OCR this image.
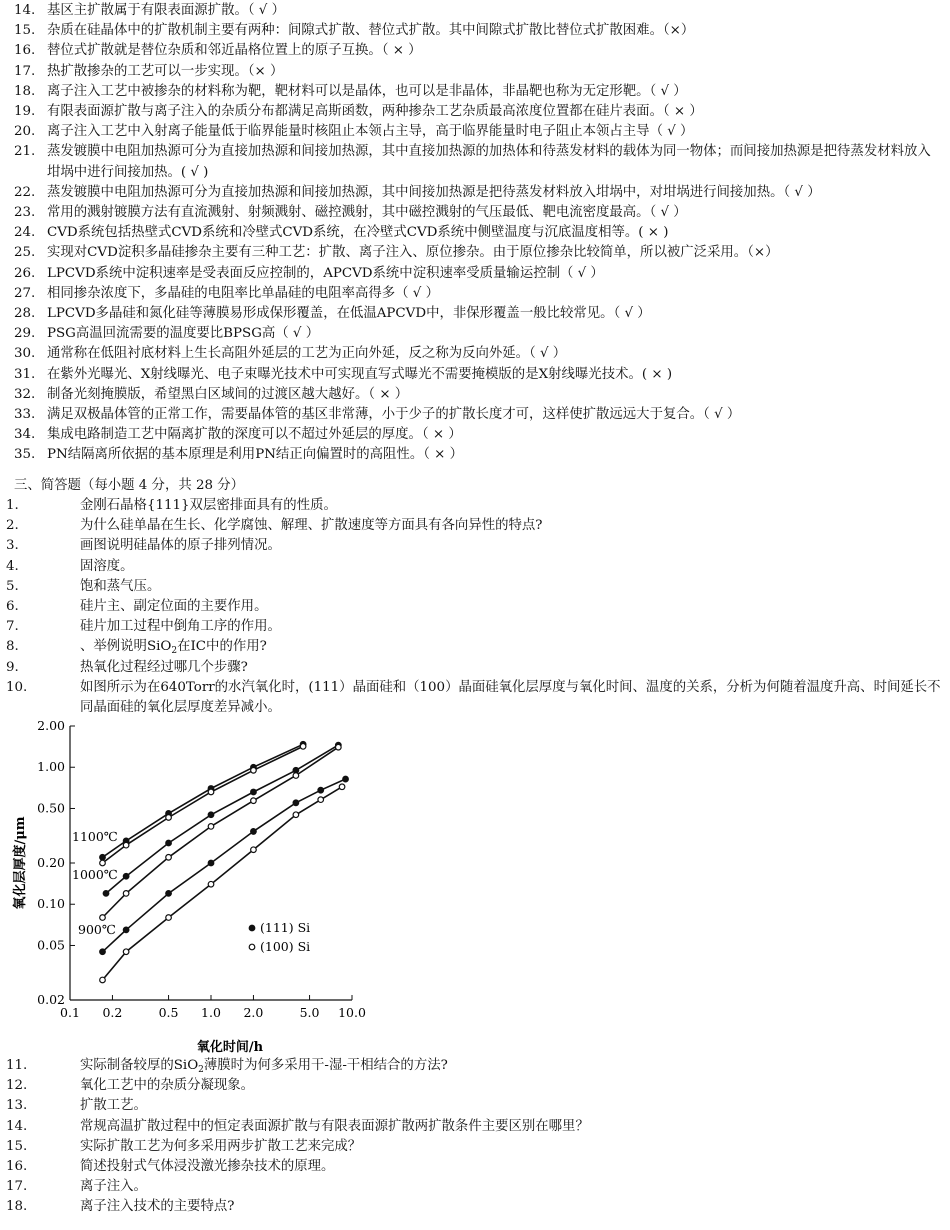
14. 基区主扩散属于有限表面源扩散。（ √ ）
15. 杂质在硅晶体中的扩散机制主要有两种：间隙式扩散、替位式扩散。其中间隙式扩散比替位式扩散困难。（×）
16. 替位式扩散就是替位杂质和邻近晶格位置上的原子互换。（ × ）
17. 热扩散掺杂的工艺可以一步实现。（× ）
18. 离子注入工艺中被掺杂的材料称为靶，靶材料可以是晶体，也可以是非晶体，非晶靶也称为无定形靶。（ √ ）
19. 有限表面源扩散与离子注入的杂质分布都满足高斯函数，两种掺杂工艺杂质最高浓度位置都在硅片表面。（ × ）
20. 离子注入工艺中入射离子能量低于临界能量时核阻止本领占主导，高于临界能量时电子阻止本领占主导（ √ ）
21. 蒸发镀膜中电阻加热源可分为直接加热源和间接加热源，其中直接加热源的加热体和待蒸发材料的载体为同一物体；而间接加热源是把待蒸发材料放入坩埚中进行间接加热。( √ )
22. 蒸发镀膜中电阻加热源可分为直接加热源和间接加热源，其中间接加热源是把待蒸发材料放入坩埚中，对坩埚进行间接加热。（ √ ）
23. 常用的溅射镀膜方法有直流溅射、射频溅射、磁控溅射，其中磁控溅射的气压最低、靶电流密度最高。（ √ ）
24. CVD系统包括热壁式CVD系统和冷壁式CVD系统，在冷壁式CVD系统中侧壁温度与沉底温度相等。( × )
25. 实现对CVD淀积多晶硅掺杂主要有三种工艺：扩散、离子注入、原位掺杂。由于原位掺杂比较简单，所以被广泛采用。（×）
26. LPCVD系统中淀积速率是受表面反应控制的，APCVD系统中淀积速率受质量输运控制（ √ ）
27. 相同掺杂浓度下，多晶硅的电阻率比单晶硅的电阻率高得多（ √ ）
28. LPCVD多晶硅和氮化硅等薄膜易形成保形覆盖，在低温APCVD中，非保形覆盖一般比较常见。（ √ ）
29. PSG高温回流需要的温度要比BPSG高（ √ ）
30. 通常称在低阻衬底材料上生长高阻外延层的工艺为正向外延，反之称为反向外延。（ √ ）
31. 在紫外光曝光、X射线曝光、电子束曝光技术中可实现直写式曝光不需要掩模版的是X射线曝光技术。( × )
32. 制备光刻掩膜版，希望黑白区域间的过渡区越大越好。（ × ）
33. 满足双极晶体管的正常工作，需要晶体管的基区非常薄，小于少子的扩散长度才可，这样使扩散远远大于复合。（ √ ）
34. 集成电路制造工艺中隔离扩散的深度可以不超过外延层的厚度。（ × ）
35. PN结隔离所依据的基本原理是利用PN结正向偏置时的高阻性。（ × ）
三、简答题（每小题 4 分，共 28 分）
1.	金刚石晶格{111}双层密排面具有的性质。
2.	为什么硅单晶在生长、化学腐蚀、解理、扩散速度等方面具有各向异性的特点?
3.	画图说明硅晶体的原子排列情况。
4.	固溶度。
5.	饱和蒸气压。
6.	硅片主、副定位面的主要作用。
7.	硅片加工过程中倒角工序的作用。
8.	、举例说明SiO$_2$在IC中的作用?
9.	热氧化过程经过哪几个步骤?
10.	如图所示为在640Torr的水汽氧化时，(111）晶面硅和（100）晶面硅氧化层厚度与氧化时间、温度的关系，分析为何随着温度升高、时间延长不同晶面硅的氧化层厚度差异减小。
2.00
1.00
0.50
0.20
0.10
0.05
0.02
0.1 0.2	0.5 1.0 2.0	5.0 10.0
氧化时间/h
氧化层厚度/μm	1100℃
1000℃
900℃	(111) Si
(100) Si
11.	实际制备较厚的SiO$_2$薄膜时为何多采用干-湿-干相结合的方法?
12.	氧化工艺中的杂质分凝现象。
13.	扩散工艺。
14.	常规高温扩散过程中的恒定表面源扩散与有限表面源扩散两扩散条件主要区别在哪里？
15.	实际扩散工艺为何多采用两步扩散工艺来完成？
16.	简述投射式气体浸没激光掺杂技术的原理。
17.	离子注入。
18.	离子注入技术的主要特点?
